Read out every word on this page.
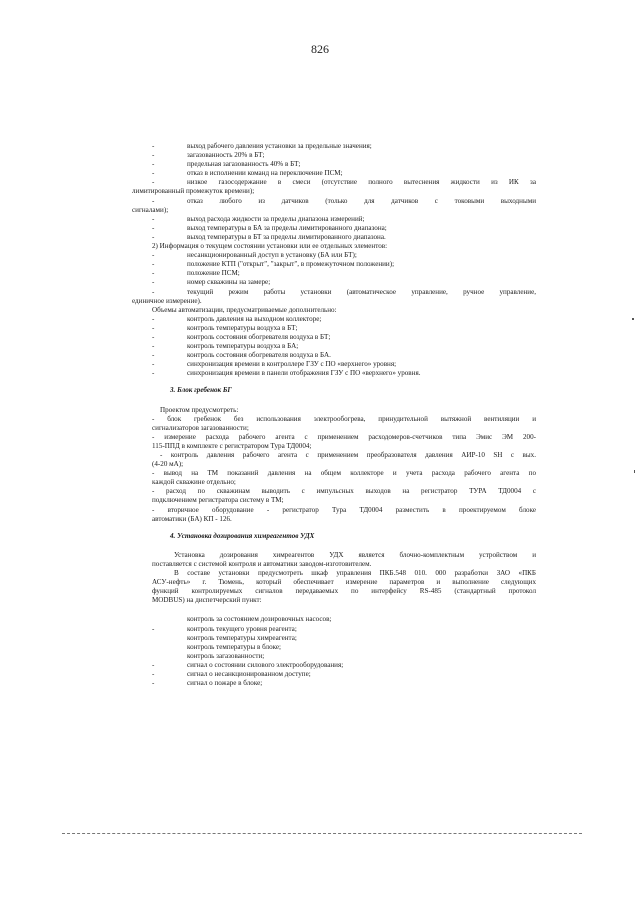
826
-	выход рабочего давления установки за предельные значения;
-	загазованность 20% в БТ;
-	предельная загазованность 40% в БТ;
-	отказ в исполнении команд на переключение ПСМ;
-	низкое газосодержание в смеси (отсутствие полного вытеснения жидкости из ИК за
лимитированный промежуток времени);
-	отказ любого из датчиков (только для датчиков с токовыми выходными
сигналами);
-	выход расхода жидкости за пределы диапазона измерений;
-	выход температуры в БА за пределы лимитированного диапазона;
-	выход температуры в БТ за пределы лимитированного диапазона.
2) Информация о текущем состоянии установки или ее отдельных элементов:
-	несанкционированный доступ в установку (БА или БТ);
-	положение КТП ("открыт", "закрыт", в промежуточном положении);
-	положение ПСМ;
-	номер скважины на замере;
-	текущий режим работы установки (автоматическое управление, ручное управление,
единичное измерение).
Объемы автоматизации, предусматриваемые дополнительно:
-	контроль давления на выходном коллекторе;
-	контроль температуры воздуха в БТ;
-	контроль состояния обогревателя воздуха в БТ;
-	контроль температуры воздуха в БА;
-	контроль состояния обогревателя воздуха в БА.
-	синхронизация времени в контроллере ГЗУ с ПО «верхнего» уровня;
-	синхронизация времени в панели отображения ГЗУ с ПО «верхнего» уровня.
3. Блок гребенок БГ
Проектом предусмотреть:
- блок гребенок без использования электрообогрева, принудительной вытяжной вентиляции и
сигнализаторов загазованности;
- измерение расхода рабочего агента с применением расходомеров-счетчиков типа Эмис ЭМ 200-
115-ППД в комплекте с регистратором Тура ТД0004;
- контроль давления рабочего агента с применением преобразователя давления АИР-10 SH с вых.
(4-20 мА);
- вывод на ТМ показаний давления на общем коллекторе и учета расхода рабочего агента по
каждой скважине отдельно;
- расход по скважинам выводить с импульсных выходов на регистратор ТУРА ТД0004 с
подключением регистратора систему в ТМ;
- вторичное оборудование - регистратор Тура ТД0004 разместить в проектируемом блоке
автоматики (БА) КП - 126.
4. Установка дозирования химреагентов УДХ
Установка дозирования химреагентов УДХ является блочно-комплектным устройством и
поставляется с системой контроля и автоматики заводом-изготовителем.
В составе установки предусмотреть шкаф управления ПКБ.548 010. 000 разработки ЗАО «ПКБ
АСУ-нефть» г. Тюмень, который обеспечивает измерение параметров и выполнение следующих
функций контролируемых сигналов передаваемых по интерфейсу RS-485 (стандартный протокол
MODBUS) на диспетчерский пункт:
контроль за состоянием дозировочных насосов;
-	контроль текущего уровня реагента;
контроль температуры химреагента;
контроль температуры в блоке;
контроль загазованности;
-	сигнал о состоянии силового электрооборудования;
-	сигнал о несанкционированном доступе;
-	сигнал о пожаре в блоке;
